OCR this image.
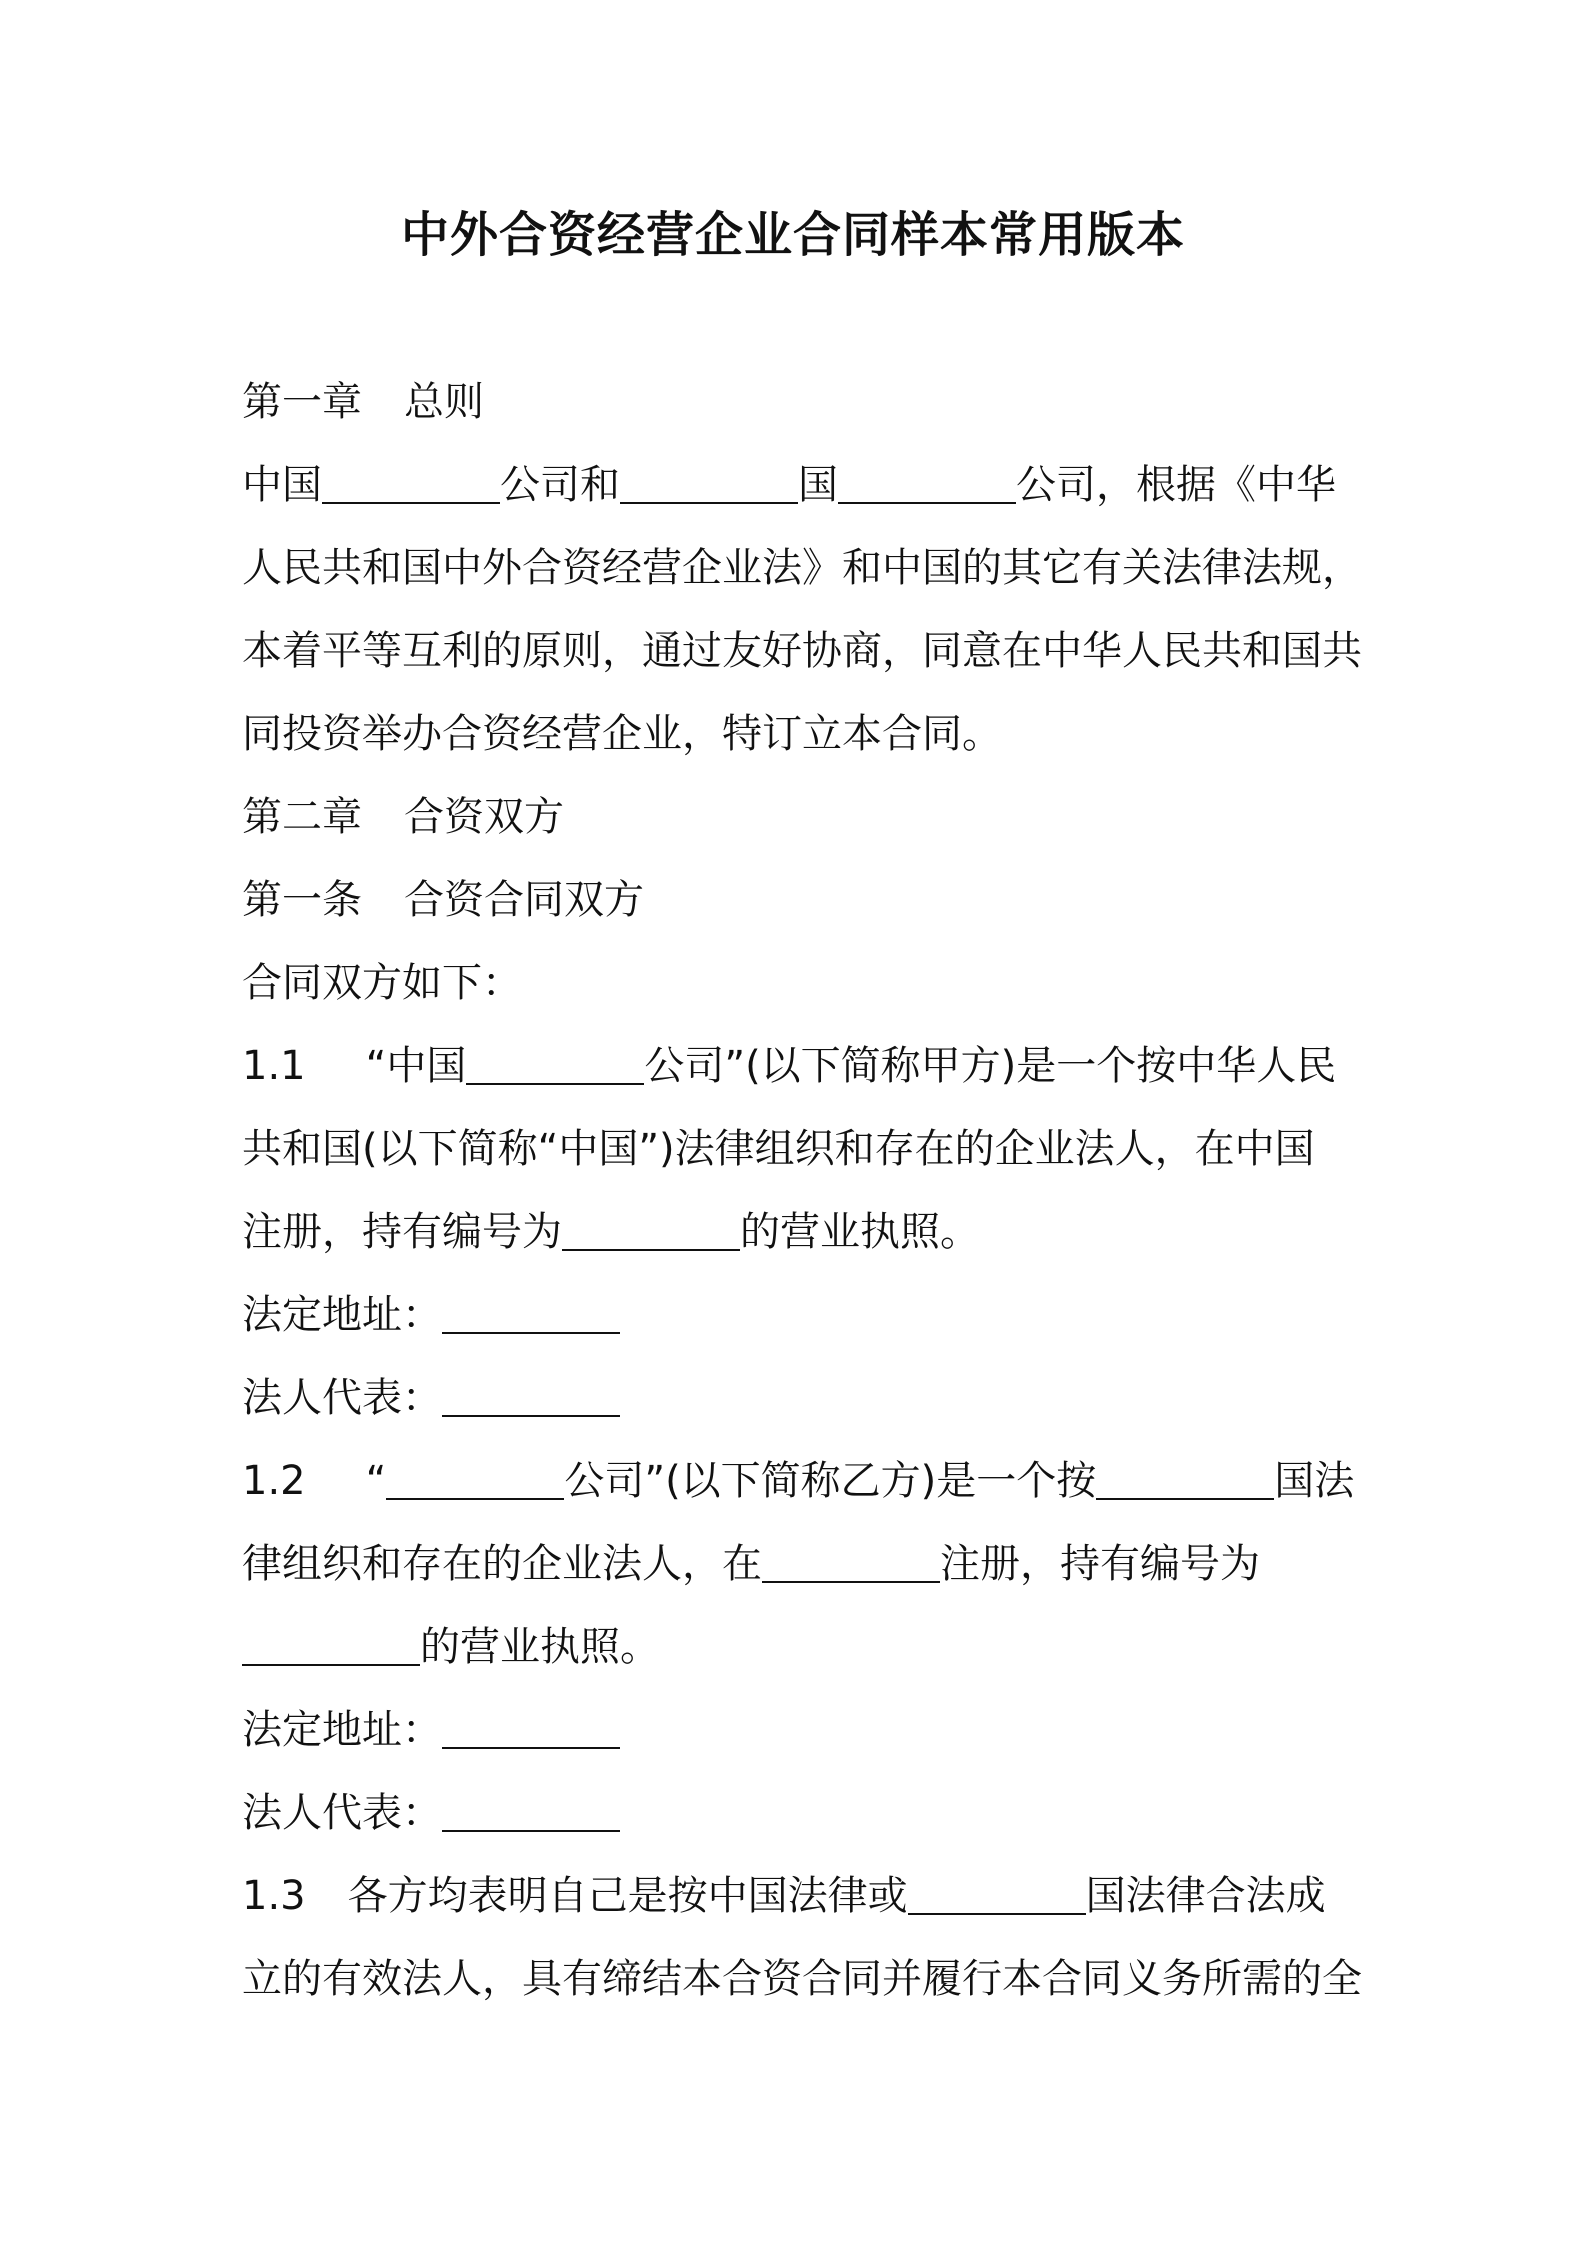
中外合资经营企业合同样本常用版本

第一章 总则

中国	公司和	国	公司，根据《中华

人民共和国中外合资经营企业法》和中国的其它有关法律法规，

本着平等互利的原则，通过友好协商，同意在中华人民共和国共

同投资举办合资经营企业，特订立本合同。

第二章 合资双方

第一条 合资合同双方

合同双方如下：

1.1 “中国	公司”(以下简称甲方)是一个按中华人民

共和国(以下简称“中国”)法律组织和存在的企业法人，在中国

注册，持有编号为	的营业执照。

法定地址：

法人代表：

1.2 “	公司”(以下简称乙方)是一个按	国法

律组织和存在的企业法人，在	注册，持有编号为

的营业执照。

法定地址：

法人代表：

1.3 各方均表明自己是按中国法律或	国法律合法成

立的有效法人，具有缔结本合资合同并履行本合同义务所需的全
